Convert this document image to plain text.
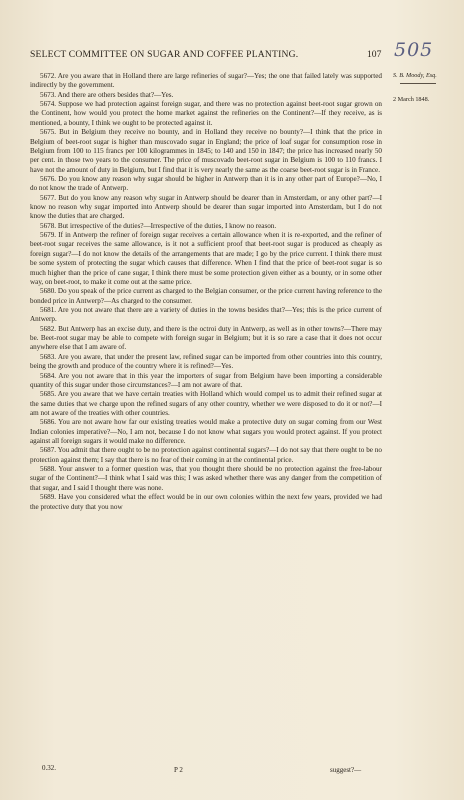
SELECT COMMITTEE ON SUGAR AND COFFEE PLANTING.	107 505
S. B. Moody, Esq.
2 March 1848.

5672. Are you aware that in Holland there are large refineries of sugar?—Yes; the one that failed lately was supported indirectly by the government.

5673. And there are others besides that?—Yes.

5674. Suppose we had protection against foreign sugar, and there was no protection against beet-root sugar grown on the Continent, how would you protect the home market against the refineries on the Continent?—If they receive, as is mentioned, a bounty, I think we ought to be protected against it.

5675. But in Belgium they receive no bounty, and in Holland they receive no bounty?—I think that the price in Belgium of beet-root sugar is higher than muscovado sugar in England; the price of loaf sugar for consumption rose in Belgium from 100 to 115 francs per 100 kilogrammes in 1845; to 140 and 150 in 1847; the price has increased nearly 50 per cent. in those two years to the consumer. The price of muscovado beet-root sugar in Belgium is 100 to 110 francs. I have not the amount of duty in Belgium, but I find that it is very nearly the same as the coarse beet-root sugar is in France.

5676. Do you know any reason why sugar should be higher in Antwerp than it is in any other part of Europe?—No, I do not know the trade of Antwerp.

5677. But do you know any reason why sugar in Antwerp should be dearer than in Amsterdam, or any other part?—I know no reason why sugar imported into Antwerp should be dearer than sugar imported into Amsterdam, but I do not know the duties that are charged.

5678. But irrespective of the duties?—Irrespective of the duties, I know no reason.

5679. If in Antwerp the refiner of foreign sugar receives a certain allowance when it is re-exported, and the refiner of beet-root sugar receives the same allowance, is it not a sufficient proof that beet-root sugar is produced as cheaply as foreign sugar?—I do not know the details of the arrangements that are made; I go by the price current. I think there must be some system of protecting the sugar which causes that difference. When I find that the price of beet-root sugar is so much higher than the price of cane sugar, I think there must be some protection given either as a bounty, or in some other way, on beet-root, to make it come out at the same price.

5680. Do you speak of the price current as charged to the Belgian consumer, or the price current having reference to the bonded price in Antwerp?—As charged to the consumer.

5681. Are you not aware that there are a variety of duties in the towns besides that?—Yes; this is the price current of Antwerp.

5682. But Antwerp has an excise duty, and there is the octroi duty in Antwerp, as well as in other towns?—There may be. Beet-root sugar may be able to compete with foreign sugar in Belgium; but it is so rare a case that it does not occur anywhere else that I am aware of.

5683. Are you aware, that under the present law, refined sugar can be imported from other countries into this country, being the growth and produce of the country where it is refined?—Yes.

5684. Are you not aware that in this year the importers of sugar from Belgium have been importing a considerable quantity of this sugar under those circumstances?—I am not aware of that.

5685. Are you aware that we have certain treaties with Holland which would compel us to admit their refined sugar at the same duties that we charge upon the refined sugars of any other country, whether we were disposed to do it or not?—I am not aware of the treaties with other countries.

5686. You are not aware how far our existing treaties would make a protective duty on sugar coming from our West Indian colonies imperative?—No, I am not, because I do not know what sugars you would protect against. If you protect against all foreign sugars it would make no difference.

5687. You admit that there ought to be no protection against continental sugars?—I do not say that there ought to be no protection against them; I say that there is no fear of their coming in at the continental price.

5688. Your answer to a former question was, that you thought there should be no protection against the free-labour sugar of the Continent?—I think what I said was this; I was asked whether there was any danger from the competition of that sugar, and I said I thought there was none.

5689. Have you considered what the effect would be in our own colonies within the next few years, provided we had the protective duty that you now

0.32.	P 2	suggest?—
